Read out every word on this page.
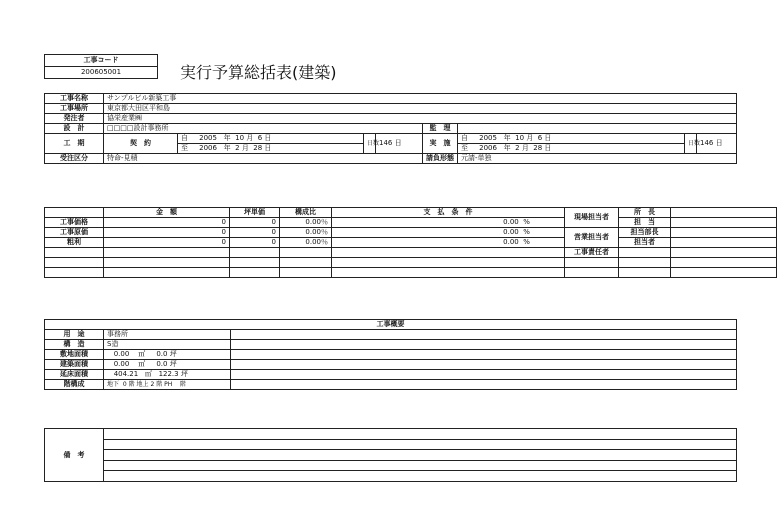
工事コード
200605001	実行予算総括表(建築)
工事名称	サンプルビル新築工事							
工事場所	東京都大田区平和島							
発注者	協栄産業㈱							
設　計	□□□□設計事務所				監　理			
工　期	契　約	自 2005 年 10 月 6 日	日数	146 日	実　施	自 2005 年 10 月 6 日	日数	146 日
		至 2006 年 2 月 28 日				至 2006 年 2 月 28 日		
受注区分	特命-見積				請負形態	元請-単独		
	金　額	坪単価	構成比	支　払　条　件	現場担当者	所　長	
工事価格	0	0	0.00％	0.00 %		担　当	
工事原価	0	0	0.00％	0.00 %	営業担当者	担当部長	
粗利	0	0	0.00％	0.00 %		担当者	
					工事責任者		

工事概要		
用　途	事務所	
構　造	S造	
敷地面積	0.00 ㎡ 0.0 坪	
建築面積	0.00 ㎡ 0.0 坪	
延床面積	404.21 ㎡ 122.3 坪	
階構成	地下 0 階 地上 2 階 PH 階	
備　考	
